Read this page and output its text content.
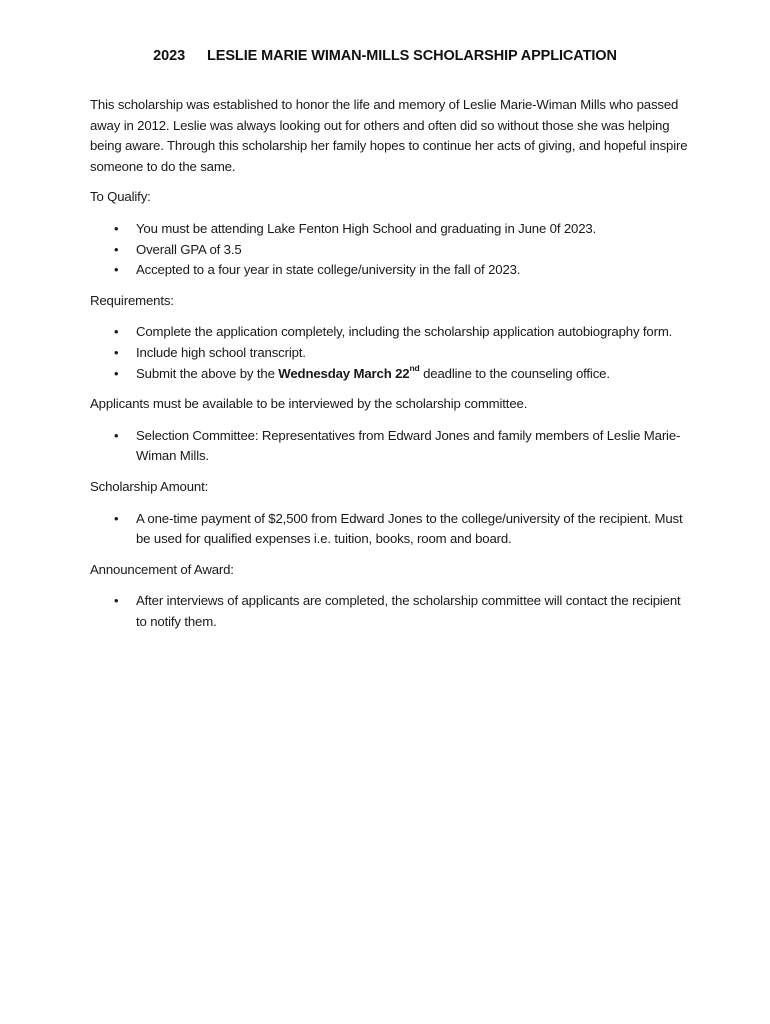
2023 LESLIE MARIE WIMAN-MILLS SCHOLARSHIP APPLICATION

This scholarship was established to honor the life and memory of Leslie Marie-Wiman Mills who passed away in 2012. Leslie was always looking out for others and often did so without those she was helping being aware. Through this scholarship her family hopes to continue her acts of giving, and hopeful inspire someone to do the same.

To Qualify:

• You must be attending Lake Fenton High School and graduating in June 0f 2023.
• Overall GPA of 3.5
• Accepted to a four year in state college/university in the fall of 2023.

Requirements:

• Complete the application completely, including the scholarship application autobiography form.
• Include high school transcript.
• Submit the above by the Wednesday March 22nd deadline to the counseling office.

Applicants must be available to be interviewed by the scholarship committee.

• Selection Committee: Representatives from Edward Jones and family members of Leslie Marie-Wiman Mills.

Scholarship Amount:

• A one-time payment of $2,500 from Edward Jones to the college/university of the recipient. Must be used for qualified expenses i.e. tuition, books, room and board.

Announcement of Award:

• After interviews of applicants are completed, the scholarship committee will contact the recipient to notify them.
